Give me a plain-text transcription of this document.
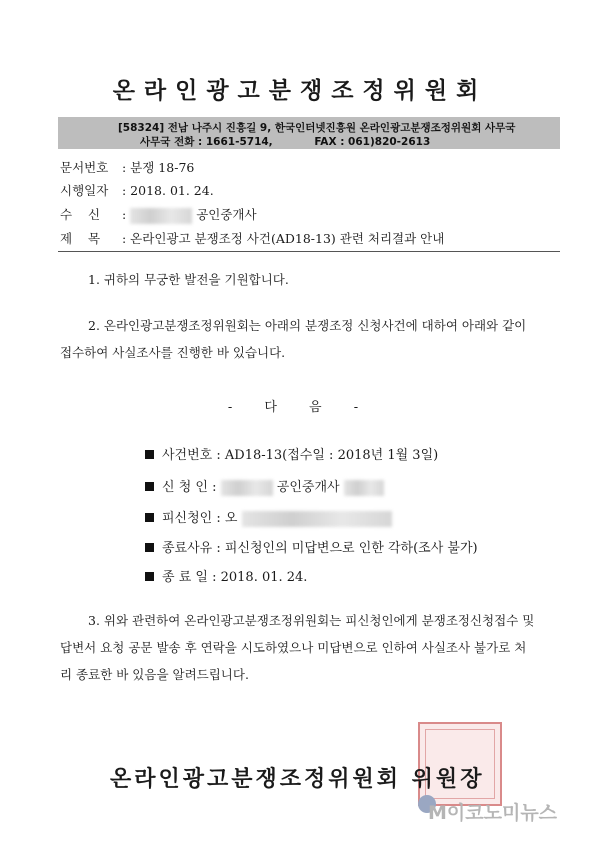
온라인광고분쟁조정위원회
[58324] 전남 나주시 진흥길 9, 한국인터넷진흥원 온라인광고분쟁조정위원회 사무국
사무국 전화 : 1661-5714,	FAX : 061)820-2613
문서번호 : 분쟁 18-76
시행일자 : 2018. 01. 24.
수    신 :	공인중개사
제    목 : 온라인광고 분쟁조정 사건(AD18-13) 관련 처리결과 안내
1. 귀하의 무궁한 발전을 기원합니다.
2. 온라인광고분쟁조정위원회는 아래의 분쟁조정 신청사건에 대하여 아래와 같이
접수하여 사실조사를 진행한 바 있습니다.
- 다 음 -
사건번호 : AD18-13(접수일 : 2018년 1월 3일)
신 청 인 :	공인중개사
피신청인 : 오
종료사유 : 피신청인의 미답변으로 인한 각하(조사 불가)
종 료 일 : 2018. 01. 24.
3. 위와 관련하여 온라인광고분쟁조정위원회는 피신청인에게 분쟁조정신청접수 및
답변서 요청 공문 발송 후 연락을 시도하였으나 미답변으로 인하여 사실조사 불가로 처
리 종료한 바 있음을 알려드립니다.
온라인광고분쟁조정위원회 위원장
M이코노미뉴스
